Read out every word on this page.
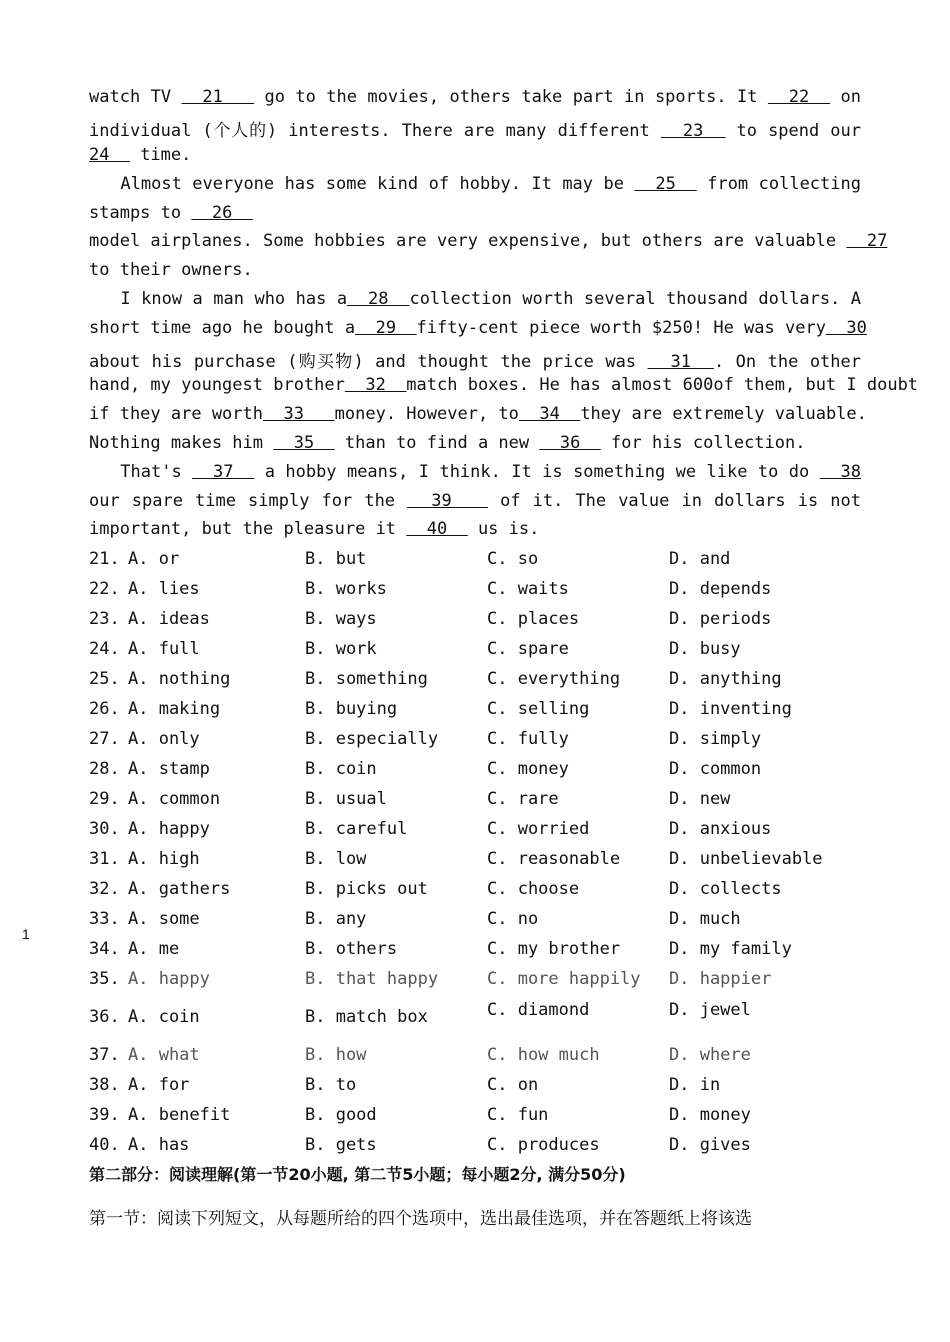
watch TV   21    go to the movies, others take part in sports. It   22   on
individual (个人的) interests. There are many different   23   to spend our
24   time.
Almost everyone has some kind of hobby. It may be   25   from collecting
stamps to   26
model airplanes. Some hobbies are very expensive, but others are valuable   27
to their owners.
I know a man who has a  28  collection worth several thousand dollars. A
short time ago he bought a  29  fifty-cent piece worth $250! He was very  30
about his purchase (购买物) and thought the price was   31  . On the other
hand, my youngest brother  32  match boxes. He has almost 600of them, but I doubt
if they are worth  33   money. However, to  34  they are extremely valuable.
Nothing makes him   35   than to find a new   36   for his collection.
That's   37   a hobby means, I think. It is something we like to do   38
our spare time simply for the   39    of it. The value in dollars is not
important, but the pleasure it   40   us is.
1
21. A. or	B. but	C. so	D. and
22. A. lies	B. works	C. waits	D. depends
23. A. ideas	B. ways	C. places	D. periods
24. A. full	B. work	C. spare	D. busy
25. A. nothing	B. something	C. everything	D. anything
26. A. making	B. buying	C. selling	D. inventing
27. A. only	B. especially	C. fully	D. simply
28. A. stamp	B. coin	C. money	D. common
29. A. common	B. usual	C. rare	D. new
30. A. happy	B. careful	C. worried	D. anxious
31. A. high	B. low	C. reasonable	D. unbelievable
32. A. gathers	B. picks out	C. choose	D. collects
33. A. some	B. any	C. no	D. much
34. A. me	B. others	C. my brother	D. my family
35. A. happy	B. that happy	C. more happily D. happier
36. A. coin	B. match box	C. diamond	D. jewel
37. A. what	B. how	C. how much	D. where
38. A. for	B. to	C. on	D. in
39. A. benefit	B. good	C. fun	D. money
40. A. has	B. gets	C. produces	D. gives
第二部分：阅读理解(第一节20小题, 第二节5小题；每小题2分, 满分50分)
第一节：阅读下列短文，从每题所给的四个选项中，选出最佳选项，并在答题纸上将该选
